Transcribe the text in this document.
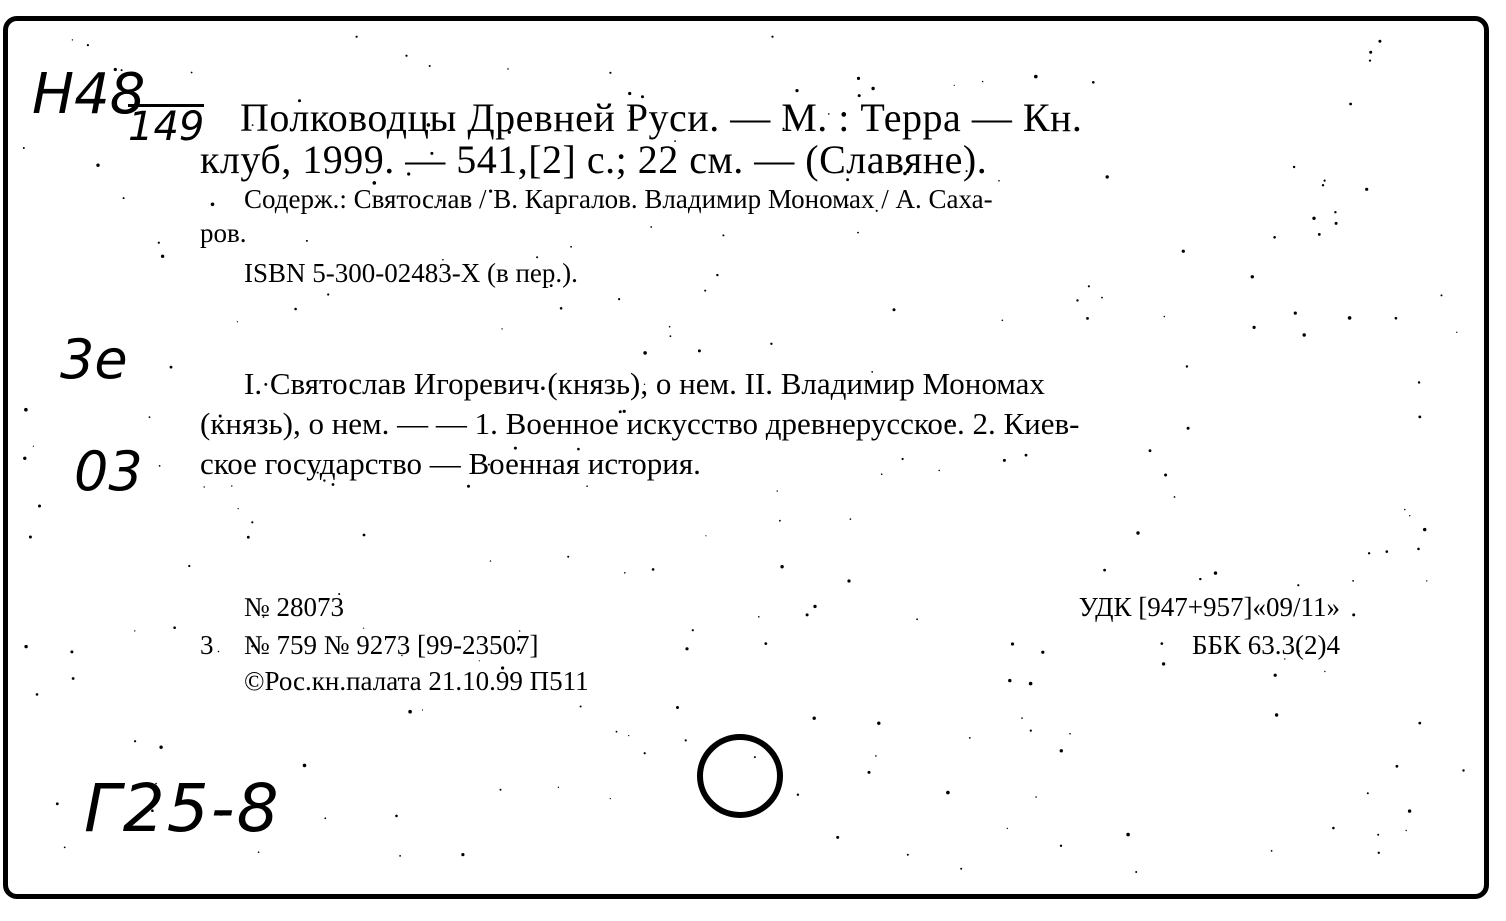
Н48
149
3е
03
Г25-8
Полководцы Древней Руси. — М. : Терра — Кн.
клуб, 1999. — 541,[2] с.; 22 см. — (Славяне).
Содерж.: Святослав / В. Каргалов. Владимир Мономах / А. Саха-
ров.
ISBN 5-300-02483-X (в пер.).
I. Святослав Игоревич (князь), о нем. II. Владимир Мономах
(князь), о нем. — — 1. Военное искусство древнерусское. 2. Киев-
ское государство — Военная история.
№ 28073
3 № 759 № 9273 [99-23507]
©Рос.кн.палата 21.10.99 П511
УДК [947+957]«09/11»
ББК 63.3(2)4
